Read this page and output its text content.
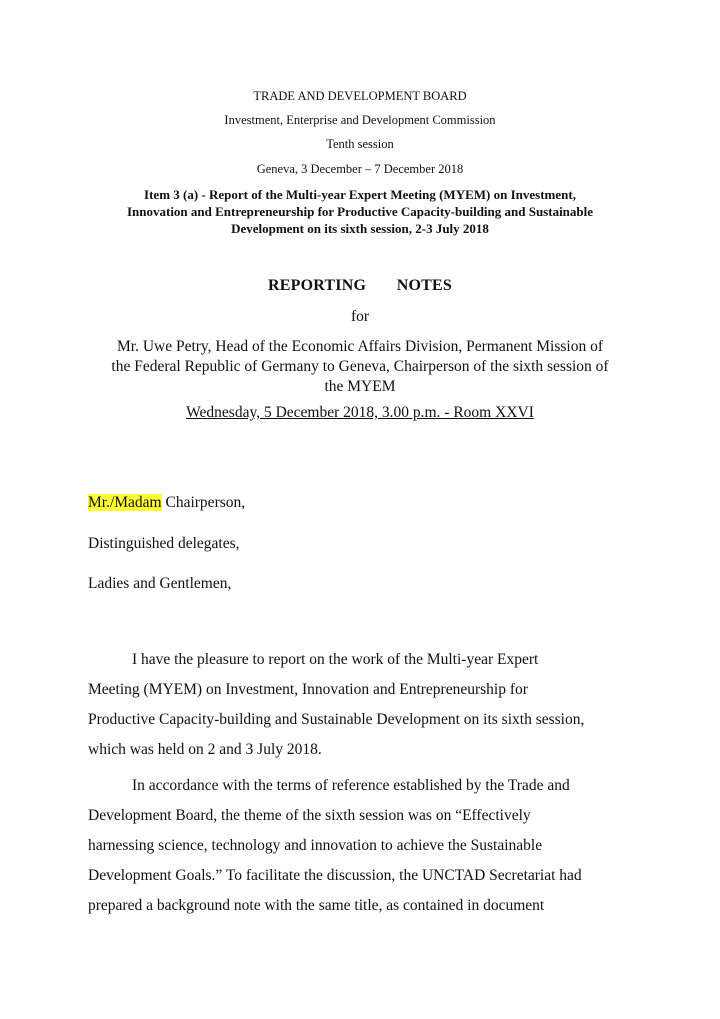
TRADE AND DEVELOPMENT BOARD
Investment, Enterprise and Development Commission
Tenth session
Geneva, 3 December – 7 December 2018
Item 3 (a) - Report of the Multi-year Expert Meeting (MYEM) on Investment,
Innovation and Entrepreneurship for Productive Capacity-building and Sustainable
Development on its sixth session, 2-3 July 2018
REPORTING   NOTES
for
Mr. Uwe Petry, Head of the Economic Affairs Division, Permanent Mission of
the Federal Republic of Germany to Geneva, Chairperson of the sixth session of
the MYEM
Wednesday, 5 December 2018, 3.00 p.m. - Room XXVI
Mr./Madam Chairperson,
Distinguished delegates,
Ladies and Gentlemen,
I have the pleasure to report on the work of the Multi-year Expert
Meeting (MYEM) on Investment, Innovation and Entrepreneurship for
Productive Capacity-building and Sustainable Development on its sixth session,
which was held on 2 and 3 July 2018.
In accordance with the terms of reference established by the Trade and
Development Board, the theme of the sixth session was on “Effectively
harnessing science, technology and innovation to achieve the Sustainable
Development Goals.” To facilitate the discussion, the UNCTAD Secretariat had
prepared a background note with the same title, as contained in document
